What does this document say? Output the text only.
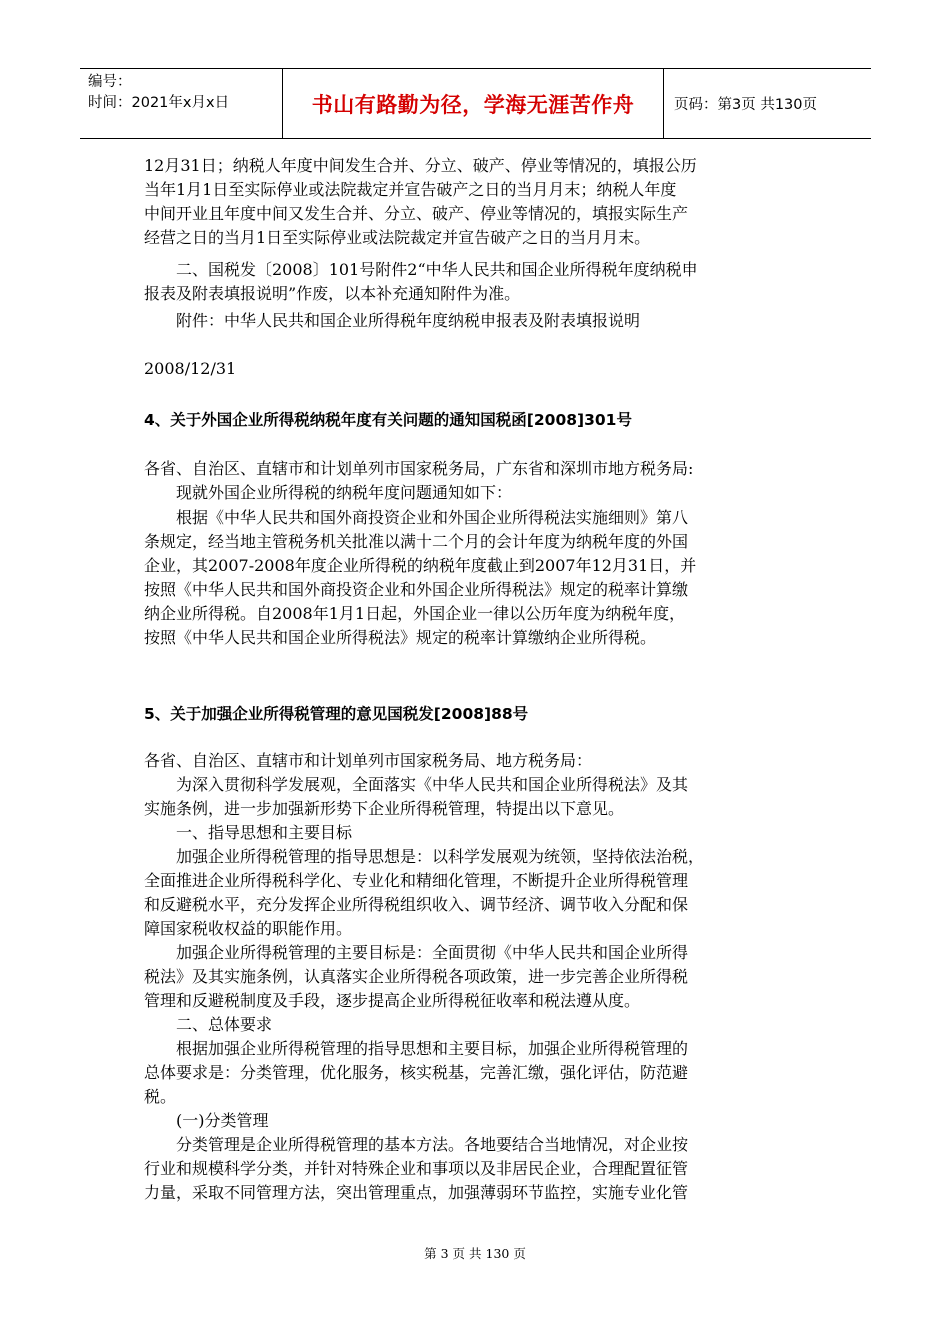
编号：
时间：2021年x月x日	书山有路勤为径，学海无涯苦作舟	页码：第3页 共130页
12月31日；纳税人年度中间发生合并、分立、破产、停业等情况的，填报公历
当年1月1日至实际停业或法院裁定并宣告破产之日的当月月末；纳税人年度
中间开业且年度中间又发生合并、分立、破产、停业等情况的，填报实际生产
经营之日的当月1日至实际停业或法院裁定并宣告破产之日的当月月末。
二、国税发〔2008〕101号附件2“中华人民共和国企业所得税年度纳税申
报表及附表填报说明”作废，以本补充通知附件为准。
附件：中华人民共和国企业所得税年度纳税申报表及附表填报说明
2008/12/31
4、关于外国企业所得税纳税年度有关问题的通知国税函[2008]301号
各省、自治区、直辖市和计划单列市国家税务局，广东省和深圳市地方税务局:
现就外国企业所得税的纳税年度问题通知如下：
根据《中华人民共和国外商投资企业和外国企业所得税法实施细则》第八
条规定，经当地主管税务机关批准以满十二个月的会计年度为纳税年度的外国
企业，其2007-2008年度企业所得税的纳税年度截止到2007年12月31日，并
按照《中华人民共和国外商投资企业和外国企业所得税法》规定的税率计算缴
纳企业所得税。自2008年1月1日起，外国企业一律以公历年度为纳税年度，
按照《中华人民共和国企业所得税法》规定的税率计算缴纳企业所得税。
5、关于加强企业所得税管理的意见国税发[2008]88号
各省、自治区、直辖市和计划单列市国家税务局、地方税务局：
为深入贯彻科学发展观，全面落实《中华人民共和国企业所得税法》及其
实施条例，进一步加强新形势下企业所得税管理，特提出以下意见。
一、指导思想和主要目标
加强企业所得税管理的指导思想是：以科学发展观为统领，坚持依法治税，
全面推进企业所得税科学化、专业化和精细化管理，不断提升企业所得税管理
和反避税水平，充分发挥企业所得税组织收入、调节经济、调节收入分配和保
障国家税收权益的职能作用。
加强企业所得税管理的主要目标是：全面贯彻《中华人民共和国企业所得
税法》及其实施条例，认真落实企业所得税各项政策，进一步完善企业所得税
管理和反避税制度及手段，逐步提高企业所得税征收率和税法遵从度。
二、总体要求
根据加强企业所得税管理的指导思想和主要目标，加强企业所得税管理的
总体要求是：分类管理，优化服务，核实税基，完善汇缴，强化评估，防范避
税。
(一)分类管理
分类管理是企业所得税管理的基本方法。各地要结合当地情况，对企业按
行业和规模科学分类，并针对特殊企业和事项以及非居民企业，合理配置征管
力量，采取不同管理方法，突出管理重点，加强薄弱环节监控，实施专业化管
第 3 页 共 130 页
